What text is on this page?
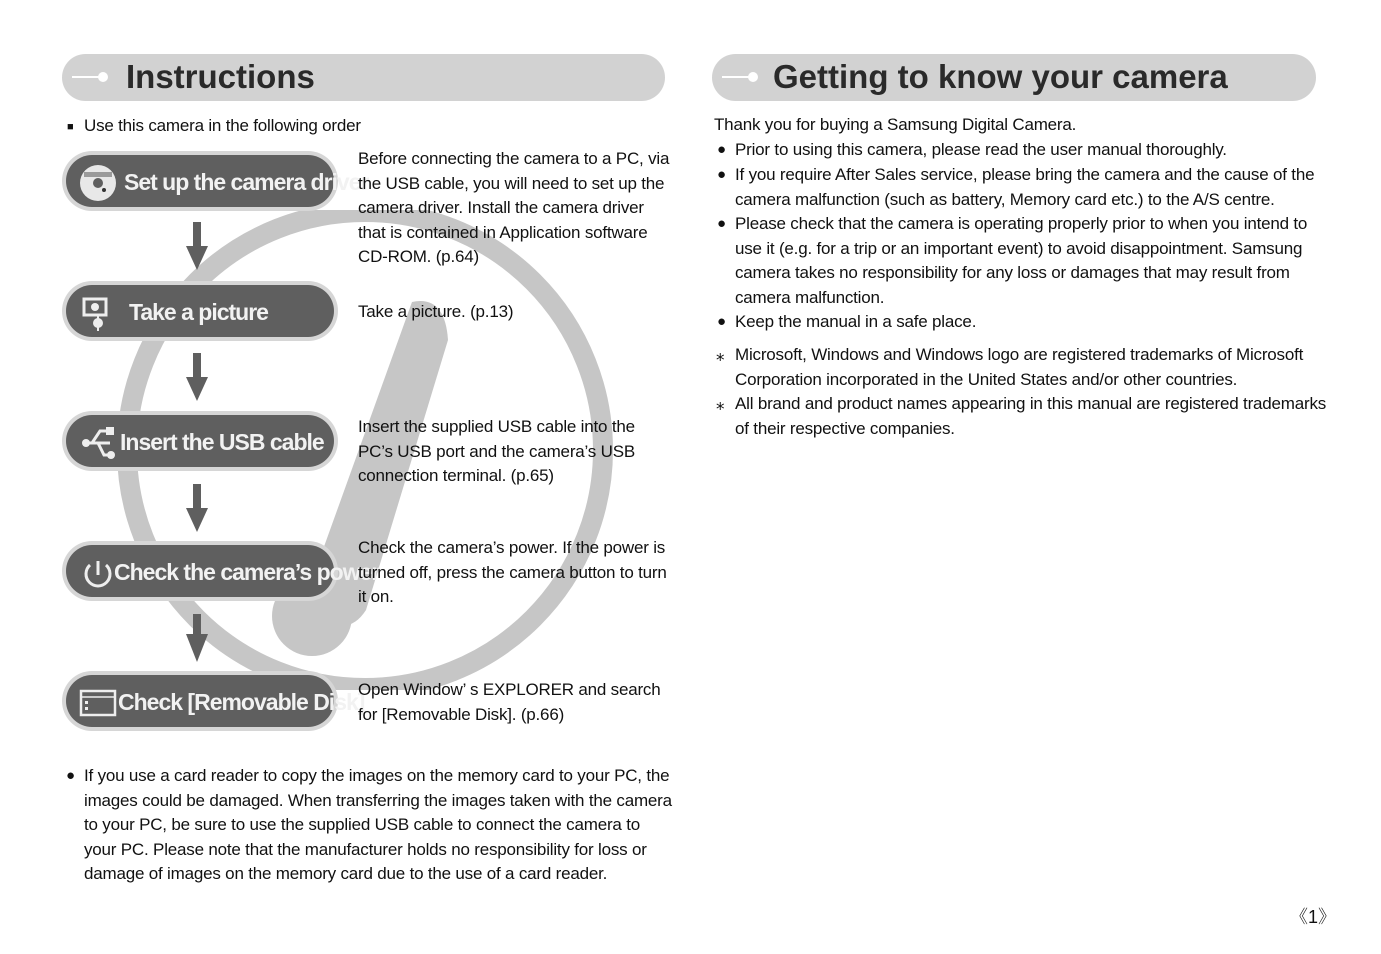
Instructions
■ Use this camera in the following order
Set up the camera driver
Take a picture
Insert the USB cable
Check the camera’s power
Check [Removable Disk]
Before connecting the camera to a PC, via
the USB cable, you will need to set up the
camera driver. Install the camera driver
that is contained in Application software
CD-ROM. (p.64)
Take a picture. (p.13)
Insert the supplied USB cable into the
PC’s USB port and the camera’s USB
connection terminal. (p.65)
Check the camera’s power. If the power is
turned off, press the camera button to turn
it on.
Open Window’ s EXPLORER and search
for [Removable Disk]. (p.66)
● If you use a card reader to copy the images on the memory card to your PC, the
images could be damaged. When transferring the images taken with the camera
to your PC, be sure to use the supplied USB cable to connect the camera to
your PC. Please note that the manufacturer holds no responsibility for loss or
damage of images on the memory card due to the use of a card reader.
Getting to know your camera
Thank you for buying a Samsung Digital Camera.
● Prior to using this camera, please read the user manual thoroughly.
● If you require After Sales service, please bring the camera and the cause of the
camera malfunction (such as battery, Memory card etc.) to the A/S centre.
● Please check that the camera is operating properly prior to when you intend to
use it (e.g. for a trip or an important event) to avoid disappointment. Samsung
camera takes no responsibility for any loss or damages that may result from
camera malfunction.
● Keep the manual in a safe place.
⁎ Microsoft, Windows and Windows logo are registered trademarks of Microsoft
Corporation incorporated in the United States and/or other countries.
⁎ All brand and product names appearing in this manual are registered trademarks
of their respective companies.
《1》
